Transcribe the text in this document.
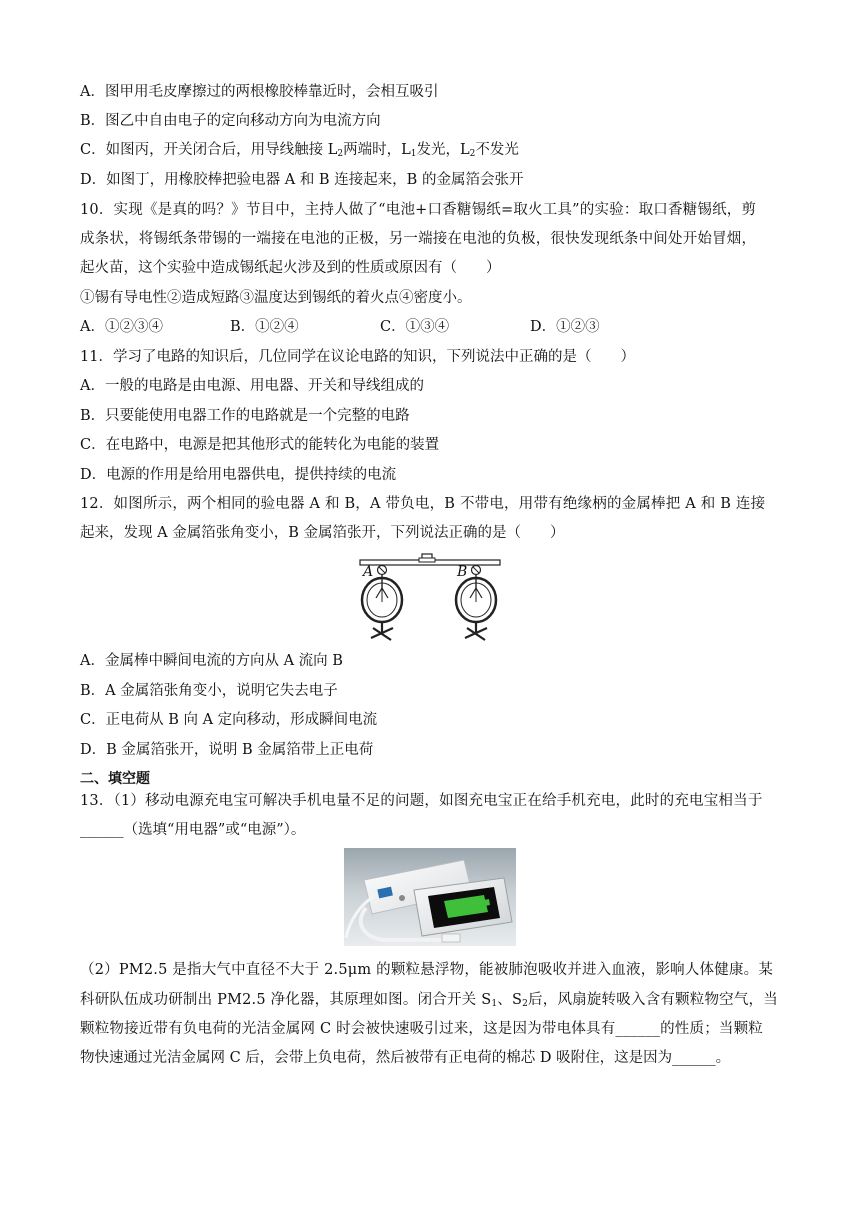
A．图甲用毛皮摩擦过的两根橡胶棒靠近时，会相互吸引
B．图乙中自由电子的定向移动方向为电流方向
C．如图丙，开关闭合后，用导线触接 $L_2$两端时，$L_1$发光，$L_2$不发光
D．如图丁，用橡胶棒把验电器 A 和 B 连接起来，B 的金属箔会张开
10．实现《是真的吗？》节目中，主持人做了“电池+口香糖锡纸=取火工具”的实验：取口香糖锡纸，剪
成条状，将锡纸条带锡的一端接在电池的正极，另一端接在电池的负极，很快发现纸条中间处开始冒烟，
起火苗，这个实验中造成锡纸起火涉及到的性质或原因有（　　）
①锡有导电性②造成短路③温度达到锡纸的着火点④密度小。
A．①②③④	B．①②④	C．①③④	D．①②③
11．学习了电路的知识后，几位同学在议论电路的知识，下列说法中正确的是（　　）
A．一般的电路是由电源、用电器、开关和导线组成的
B．只要能使用电器工作的电路就是一个完整的电路
C．在电路中，电源是把其他形式的能转化为电能的装置
D．电源的作用是给用电器供电，提供持续的电流
12．如图所示，两个相同的验电器 A 和 B，A 带负电，B 不带电，用带有绝缘柄的金属棒把 A 和 B 连接
起来，发现 A 金属箔张角变小，B 金属箔张开，下列说法正确的是（　　）
A	B
A．金属棒中瞬间电流的方向从 A 流向 B
B．A 金属箔张角变小，说明它失去电子
C．正电荷从 B 向 A 定向移动，形成瞬间电流
D．B 金属箔张开，说明 B 金属箔带上正电荷
二、填空题
13．（1）移动电源充电宝可解决手机电量不足的问题，如图充电宝正在给手机充电，此时的充电宝相当于
______（选填“用电器”或“电源”）。
（2）PM2.5 是指大气中直径不大于 2.5μm 的颗粒悬浮物，能被肺泡吸收并进入血液，影响人体健康。某
科研队伍成功研制出 PM2.5 净化器，其原理如图。闭合开关 $S_1$、$S_2$后，风扇旋转吸入含有颗粒物空气，当
颗粒物接近带有负电荷的光洁金属网 C 时会被快速吸引过来，这是因为带电体具有______的性质；当颗粒
物快速通过光洁金属网 C 后，会带上负电荷，然后被带有正电荷的棉芯 D 吸附住，这是因为______。
